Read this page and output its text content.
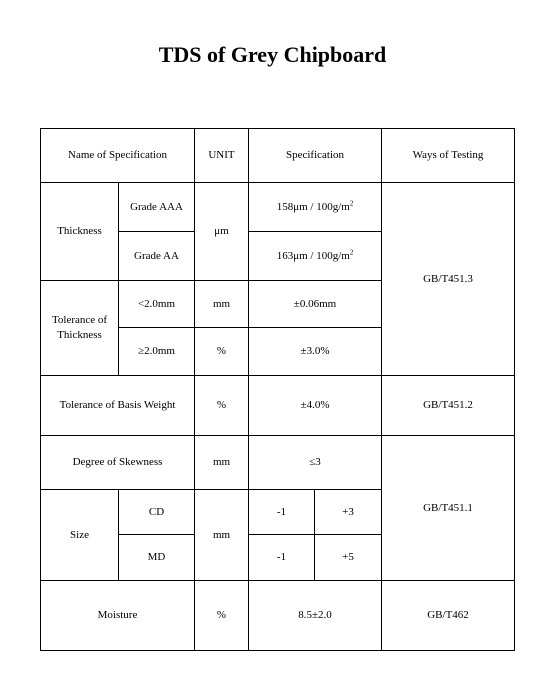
TDS of Grey Chipboard
Name of Specification		UNIT	Specification		Ways of Testing
Thickness	Grade AAA	μm	$158\mu m / 100g/m^2$		GB/T451.3
	Grade AA		$163\mu m / 100g/m^2$
Tolerance of Thickness	<2.0mm	mm	±0.06mm		
	≥2.0mm	%	±3.0%		
Tolerance of Basis Weight		%	±4.0%		GB/T451.2
Degree of Skewness		mm	≤3		GB/T451.1
Size	CD	mm	-1	+3	
	MD		-1	+5	
Moisture		%	8.5±2.0		GB/T462
